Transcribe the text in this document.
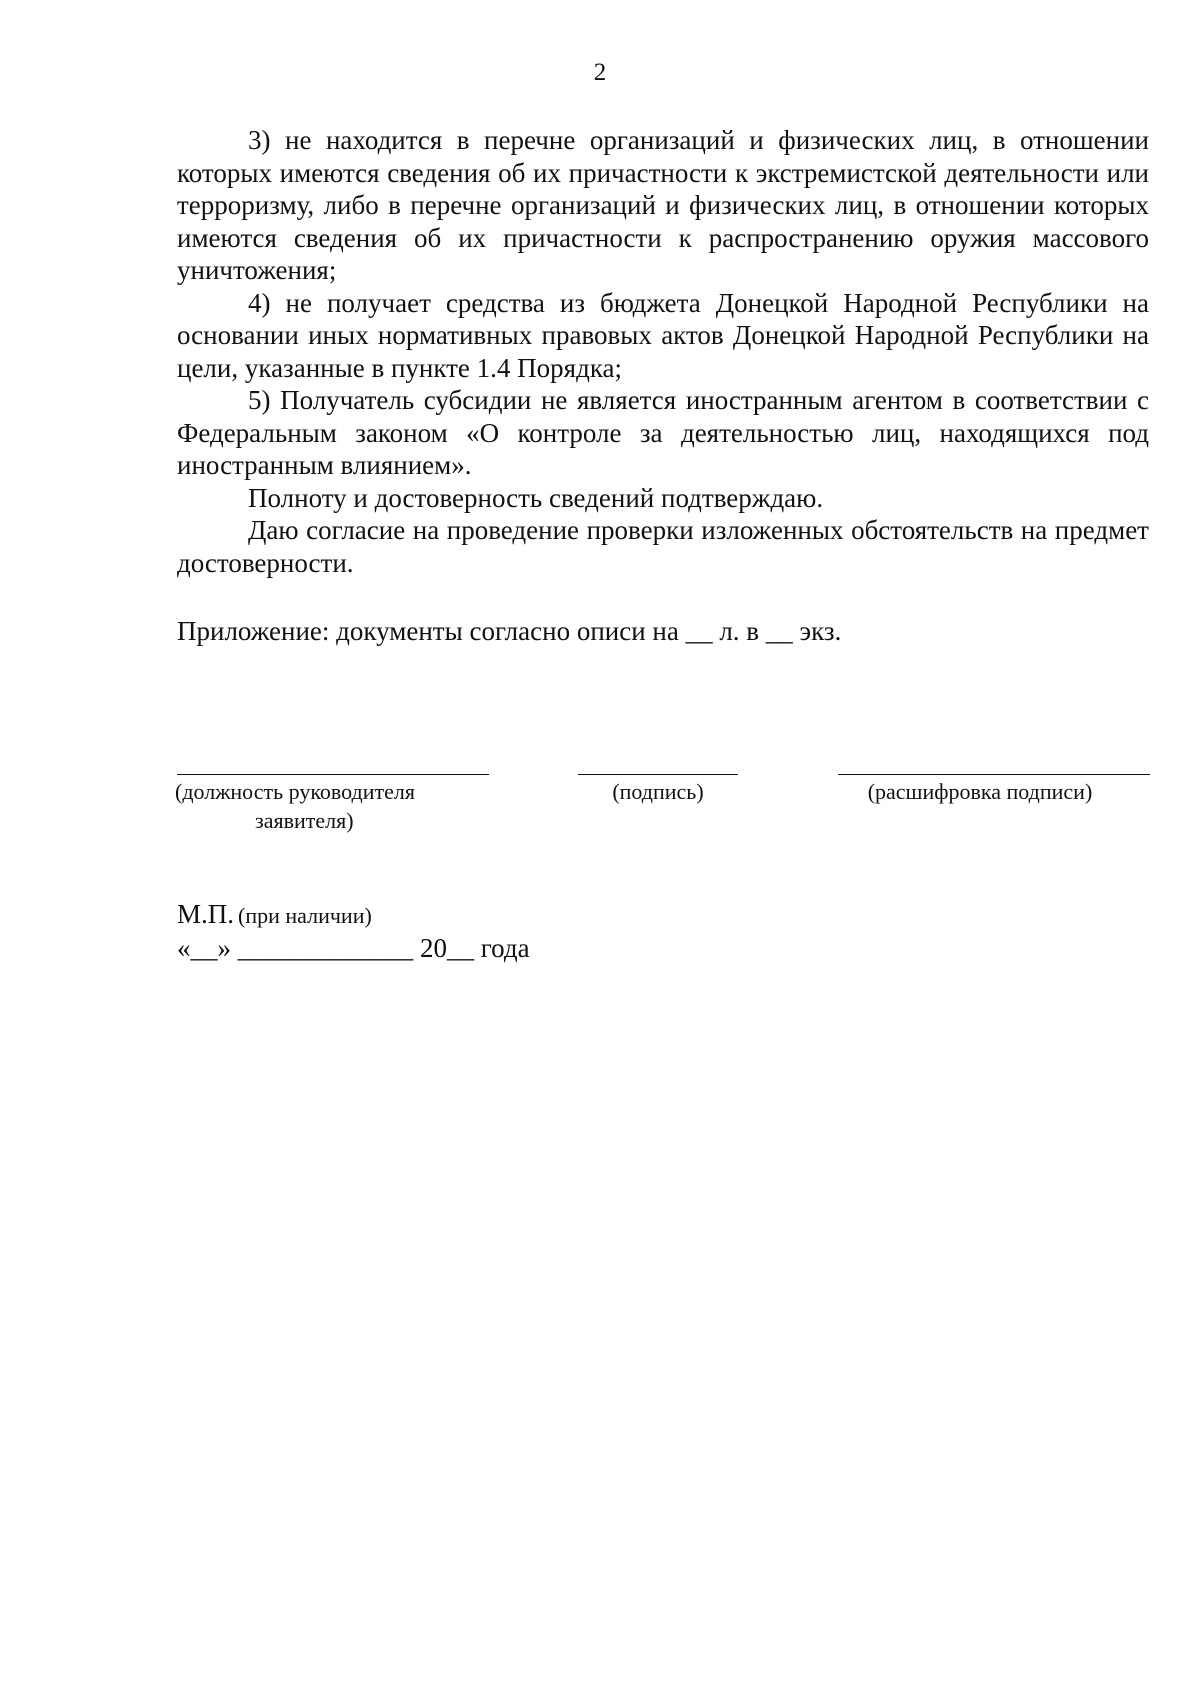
2

3) не находится в перечне организаций и физических лиц, в отношении которых имеются сведения об их причастности к экстремистской деятельности или терроризму, либо в перечне организаций и физических лиц, в отношении которых имеются сведения об их причастности к распространению оружия массового уничтожения;

4) не получает средства из бюджета Донецкой Народной Республики на основании иных нормативных правовых актов Донецкой Народной Республики на цели, указанные в пункте 1.4 Порядка;

5) Получатель субсидии не является иностранным агентом в соответствии с Федеральным законом «О контроле за деятельностью лиц, находящихся под иностранным влиянием».

Полноту и достоверность сведений подтверждаю.

Даю согласие на проведение проверки изложенных обстоятельств на предмет достоверности.

Приложение: документы согласно описи на __ л. в __ экз.
(должность руководителя
заявителя)
(подпись)	(расшифровка подписи)
М.П. (при наличии)
«__» _____________ 20__ года
